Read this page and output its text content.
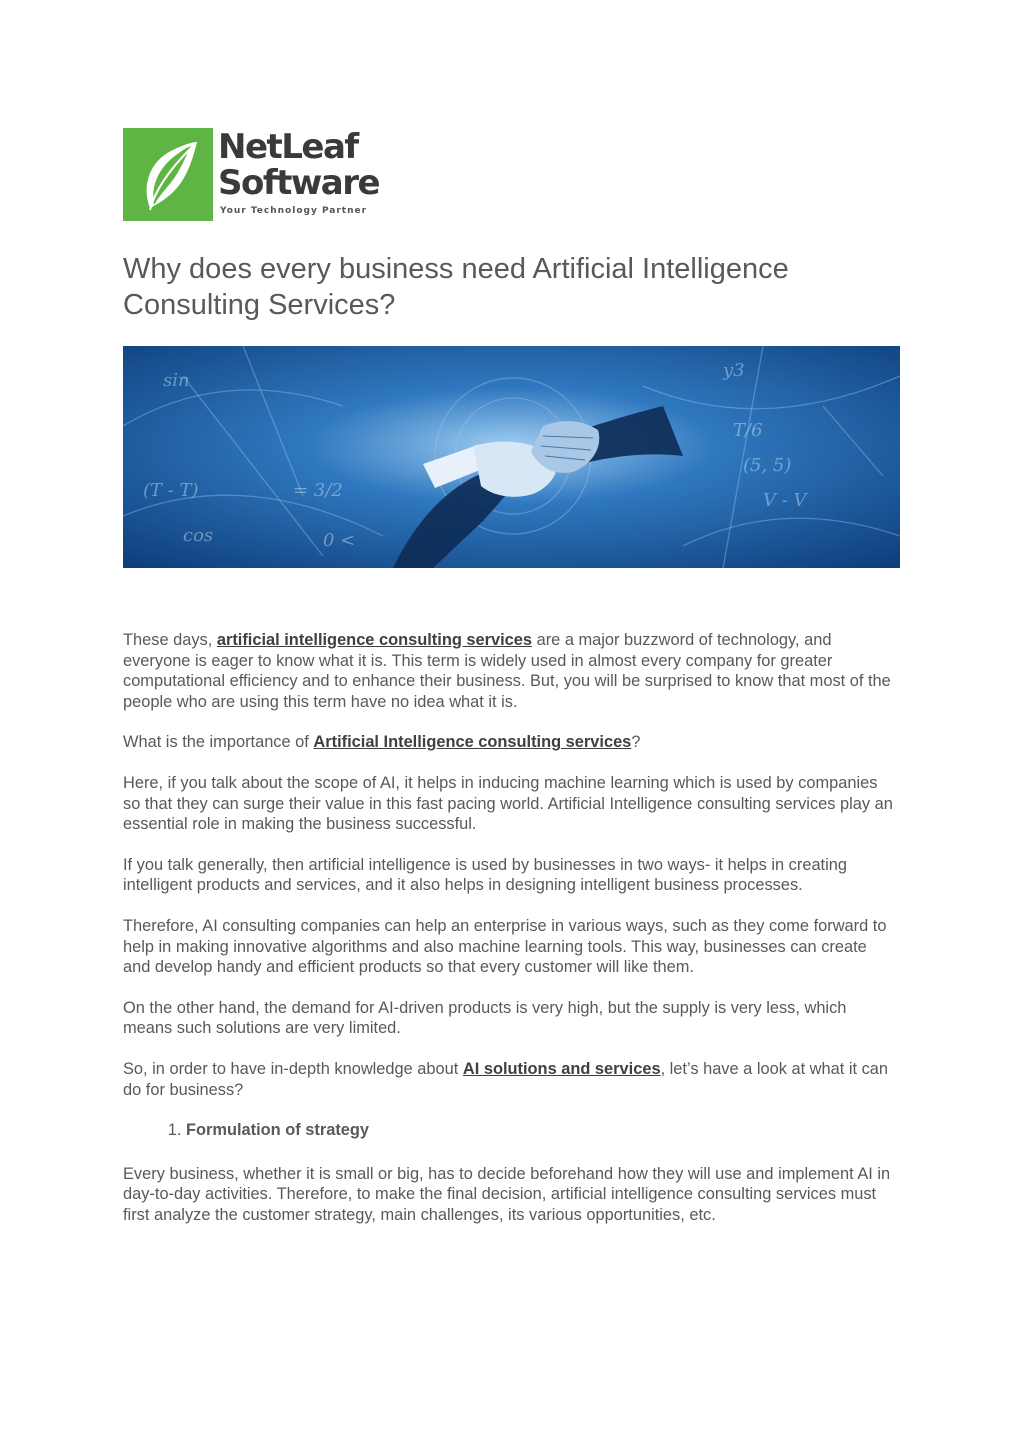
NetLeaf
Software
Your Technology Partner
Why does every business need Artificial Intelligence Consulting Services?
sin
(T - T)	= 3/2
cos	0 <
y3
T/6
(5, 5)
V - V

These days, artificial intelligence consulting services are a major buzzword of technology, and everyone is eager to know what it is. This term is widely used in almost every company for greater computational efficiency and to enhance their business. But, you will be surprised to know that most of the people who are using this term have no idea what it is.

What is the importance of Artificial Intelligence consulting services?

Here, if you talk about the scope of AI, it helps in inducing machine learning which is used by companies so that they can surge their value in this fast pacing world. Artificial Intelligence consulting services play an essential role in making the business successful.

If you talk generally, then artificial intelligence is used by businesses in two ways- it helps in creating intelligent products and services, and it also helps in designing intelligent business processes.

Therefore, AI consulting companies can help an enterprise in various ways, such as they come forward to help in making innovative algorithms and also machine learning tools. This way, businesses can create and develop handy and efficient products so that every customer will like them.

On the other hand, the demand for AI-driven products is very high, but the supply is very less, which means such solutions are very limited.

So, in order to have in-depth knowledge about AI solutions and services, let’s have a look at what it can do for business?

1. Formulation of strategy

Every business, whether it is small or big, has to decide beforehand how they will use and implement AI in day-to-day activities. Therefore, to make the final decision, artificial intelligence consulting services must first analyze the customer strategy, main challenges, its various opportunities, etc.
